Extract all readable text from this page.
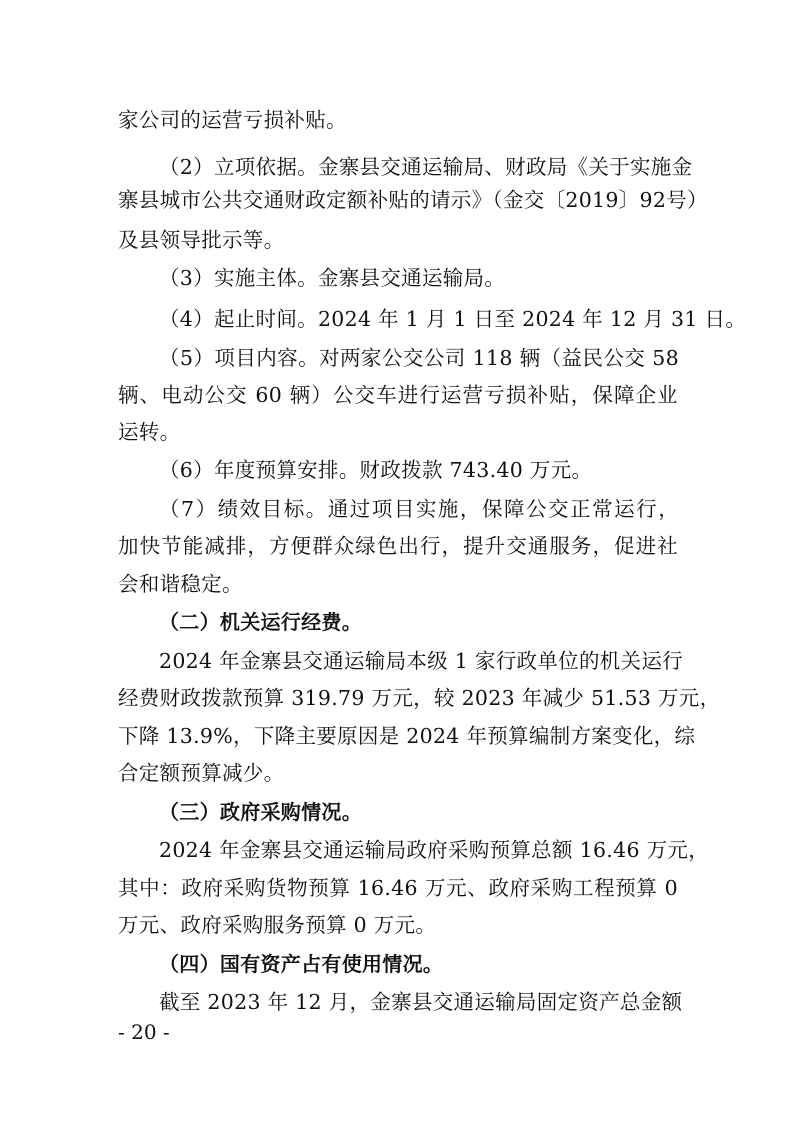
家公司的运营亏损补贴。
（2）立项依据。金寨县交通运输局、财政局《关于实施金
寨县城市公共交通财政定额补贴的请示》（金交〔2019〕92号）
及县领导批示等。
（3）实施主体。金寨县交通运输局。
（4）起止时间。2024 年 1 月 1 日至 2024 年 12 月 31 日。
（5）项目内容。对两家公交公司 118 辆（益民公交 58
辆、电动公交 60 辆）公交车进行运营亏损补贴，保障企业
运转。
（6）年度预算安排。财政拨款 743.40 万元。
（7）绩效目标。通过项目实施，保障公交正常运行，
加快节能减排，方便群众绿色出行，提升交通服务，促进社
会和谐稳定。
（二）机关运行经费。
2024 年金寨县交通运输局本级 1 家行政单位的机关运行
经费财政拨款预算 319.79 万元，较 2023 年减少 51.53 万元，
下降 13.9%，下降主要原因是 2024 年预算编制方案变化，综
合定额预算减少。
（三）政府采购情况。
2024 年金寨县交通运输局政府采购预算总额 16.46 万元，
其中：政府采购货物预算 16.46 万元、政府采购工程预算 0
万元、政府采购服务预算 0 万元。
（四）国有资产占有使用情况。
截至 2023 年 12 月，金寨县交通运输局固定资产总金额
- 20 -
